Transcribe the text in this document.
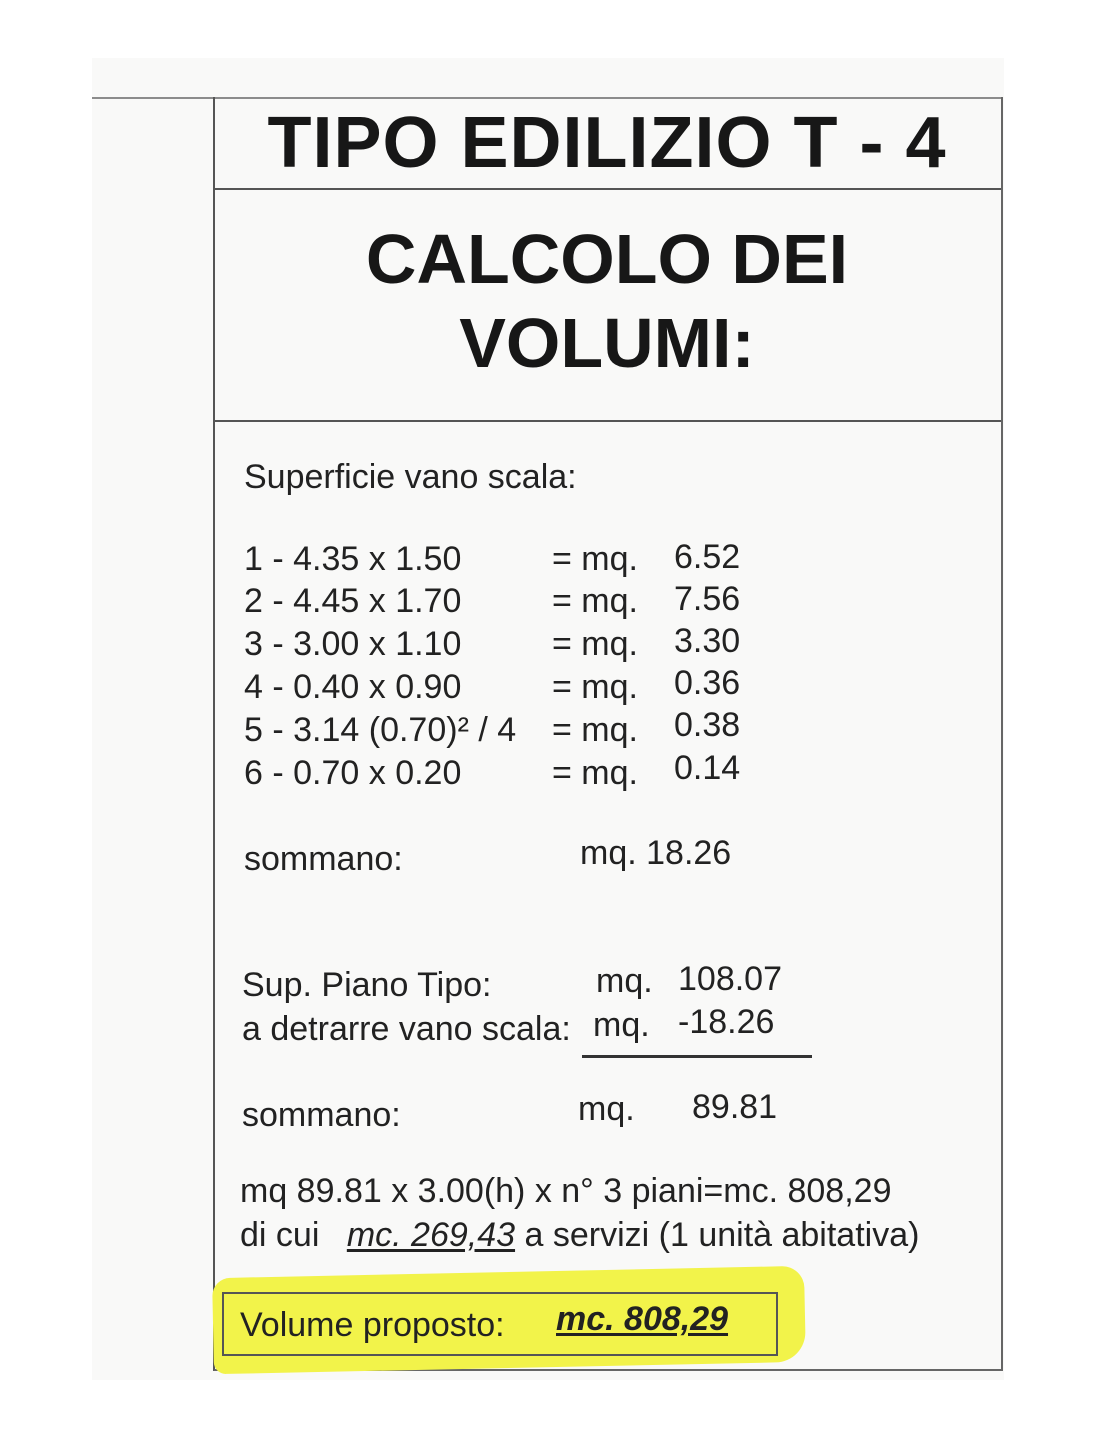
TIPO EDILIZIO T - 4
CALCOLO DEI
VOLUMI:
Superficie vano scala:
1 - 4.35 x 1.50	= mq. 6.52
2 - 4.45 x 1.70	= mq. 7.56
3 - 3.00 x 1.10	= mq. 3.30
4 - 0.40 x 0.90	= mq. 0.36
5 - 3.14 (0.70)² / 4 = mq. 0.38
6 - 0.70 x 0.20	= mq. 0.14
sommano:	mq. 18.26
Sup. Piano Tipo:	mq. 108.07
a detrarre vano scala: mq. -18.26
sommano:	mq. 89.81
mq 89.81 x 3.00(h) x n° 3 piani=mc. 808,29
di cui mc. 269,43 a servizi (1 unità abitativa)
Volume proposto: mc. 808,29
